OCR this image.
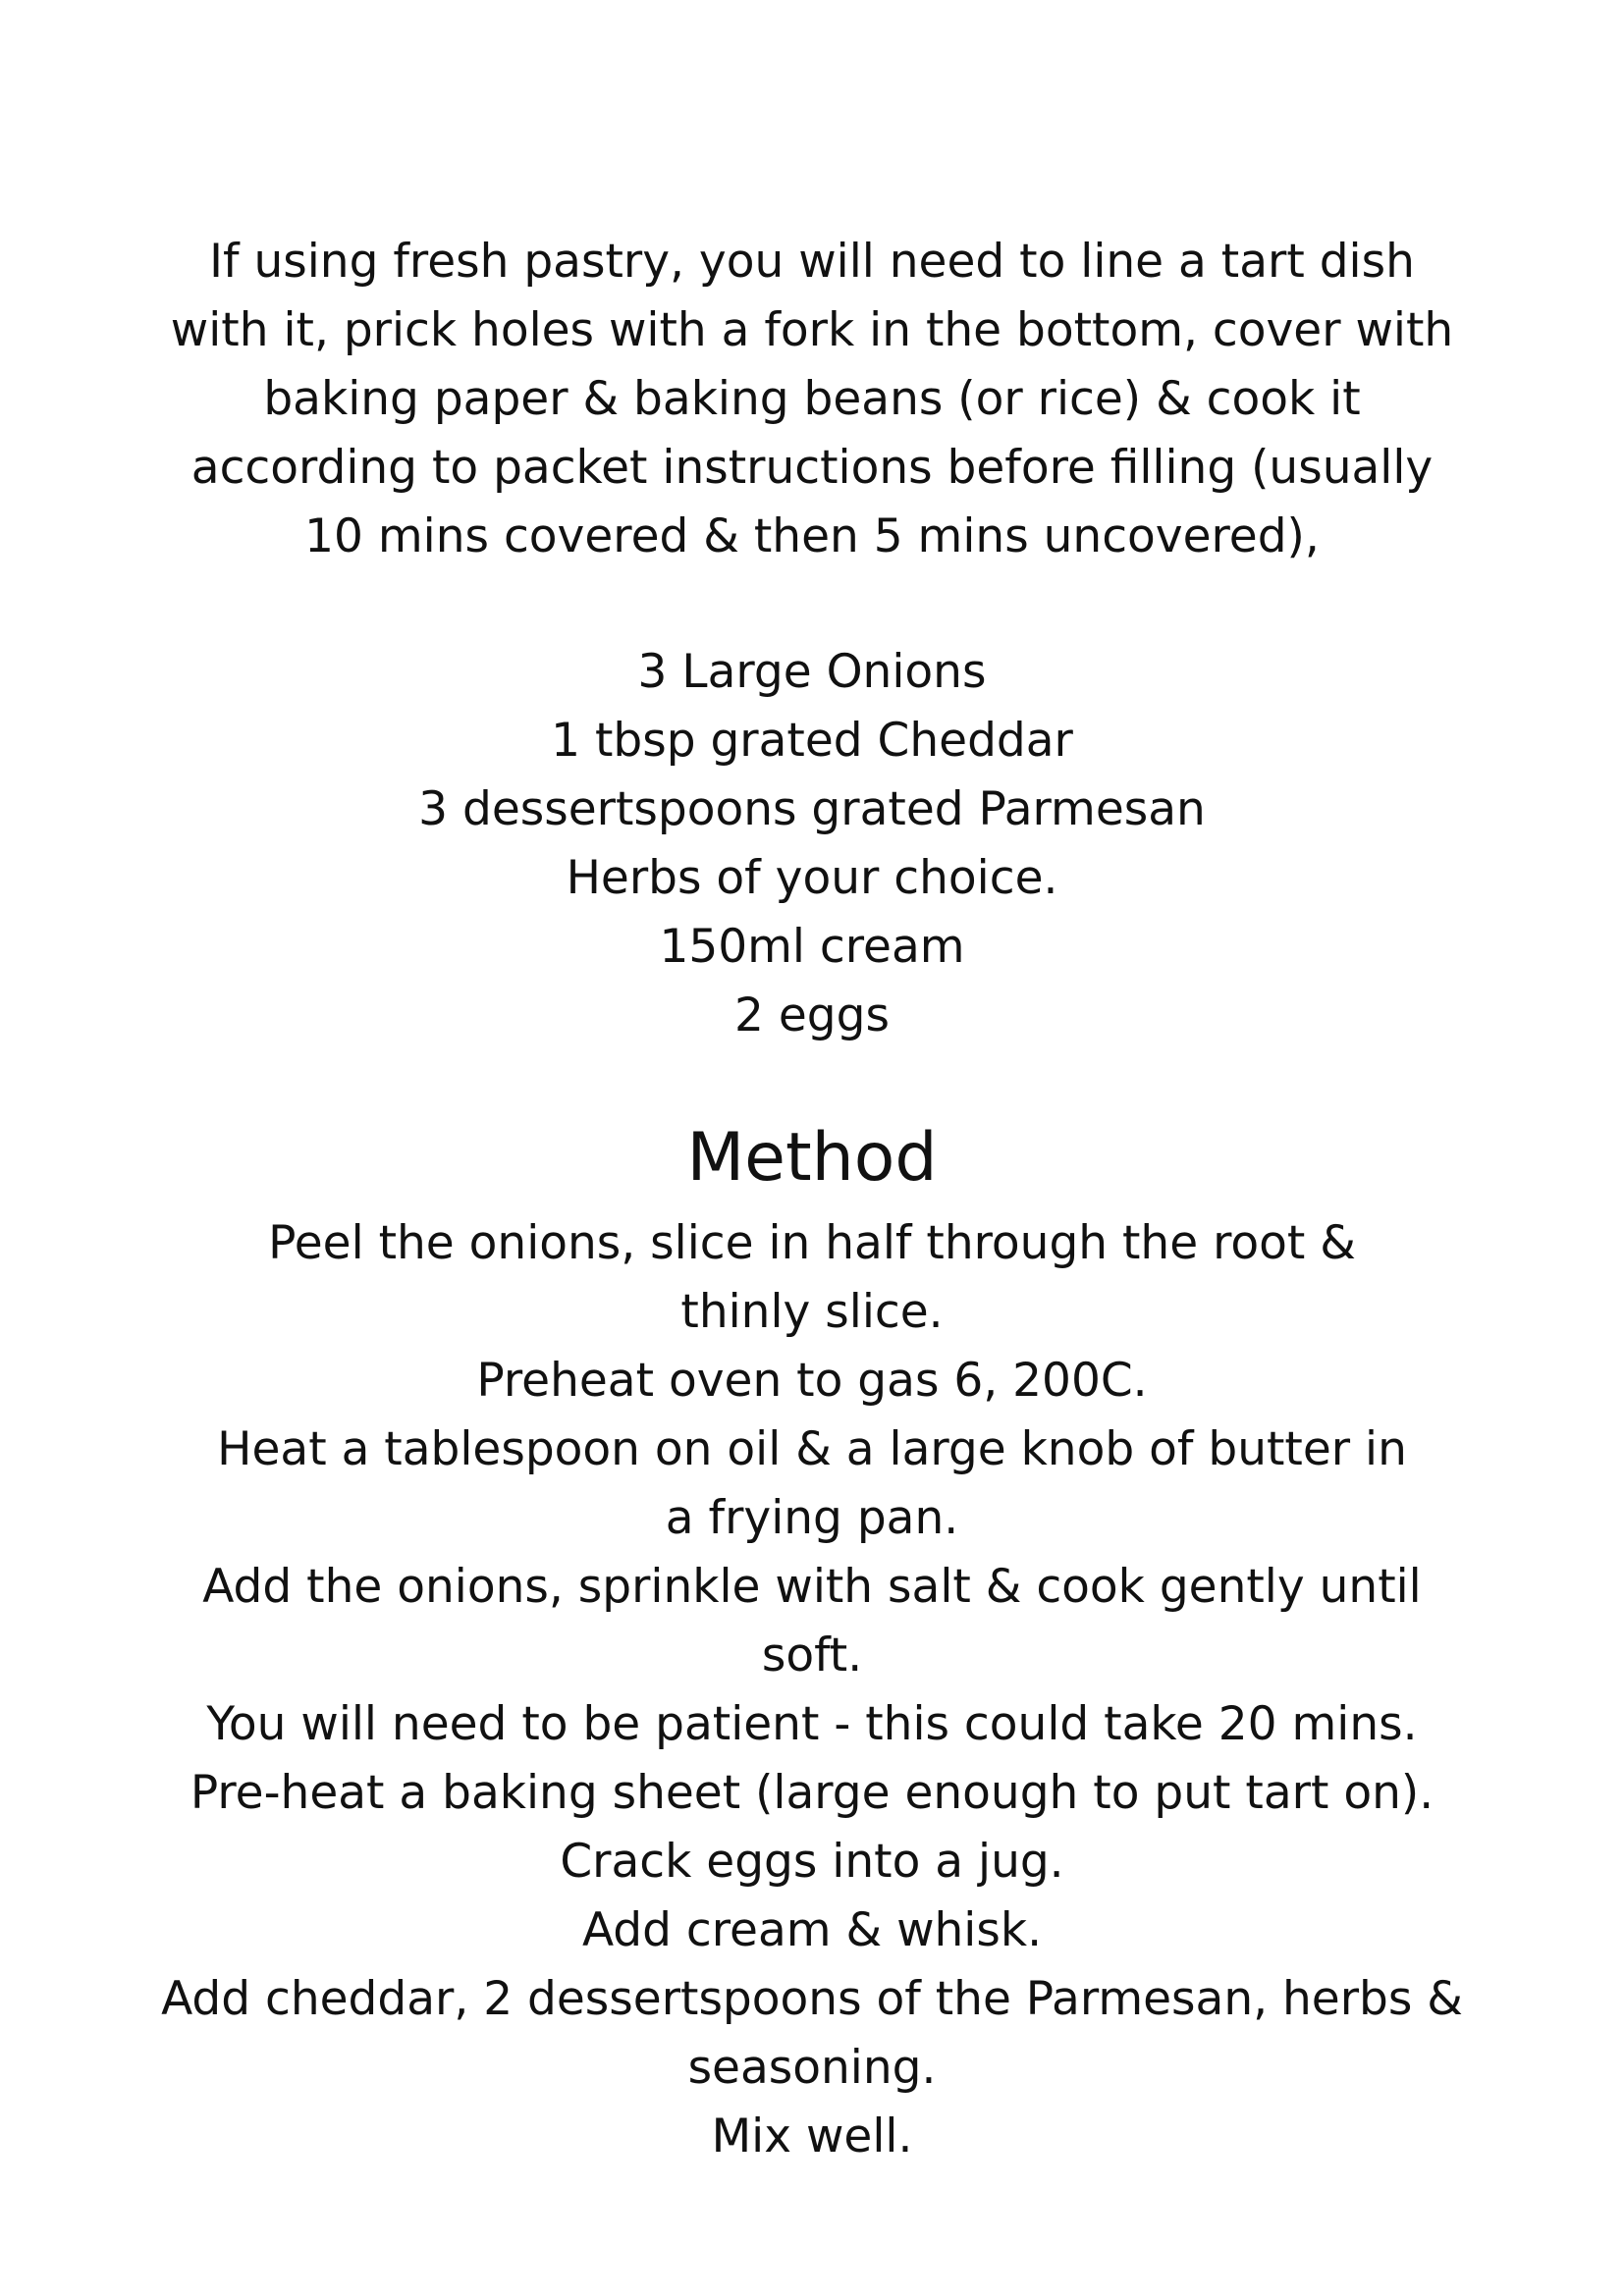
If using fresh pastry, you will need to line a tart dish with it, prick holes with a fork in the bottom, cover with baking paper & baking beans (or rice) & cook it according to packet instructions before filling (usually 10 mins covered & then 5 mins uncovered),

3 Large Onions
1 tbsp grated Cheddar
3 dessertspoons grated Parmesan
Herbs of your choice.
150ml cream
2 eggs
Method
Peel the onions, slice in half through the root & thinly slice.
Preheat oven to gas 6, 200C.
Heat a tablespoon on oil & a large knob of butter in a frying pan.
Add the onions, sprinkle with salt & cook gently until soft.
You will need to be patient - this could take 20 mins.
Pre-heat a baking sheet (large enough to put tart on).
Crack eggs into a jug.
Add cream & whisk.
Add cheddar, 2 dessertspoons of the Parmesan, herbs & seasoning.
Mix well.
